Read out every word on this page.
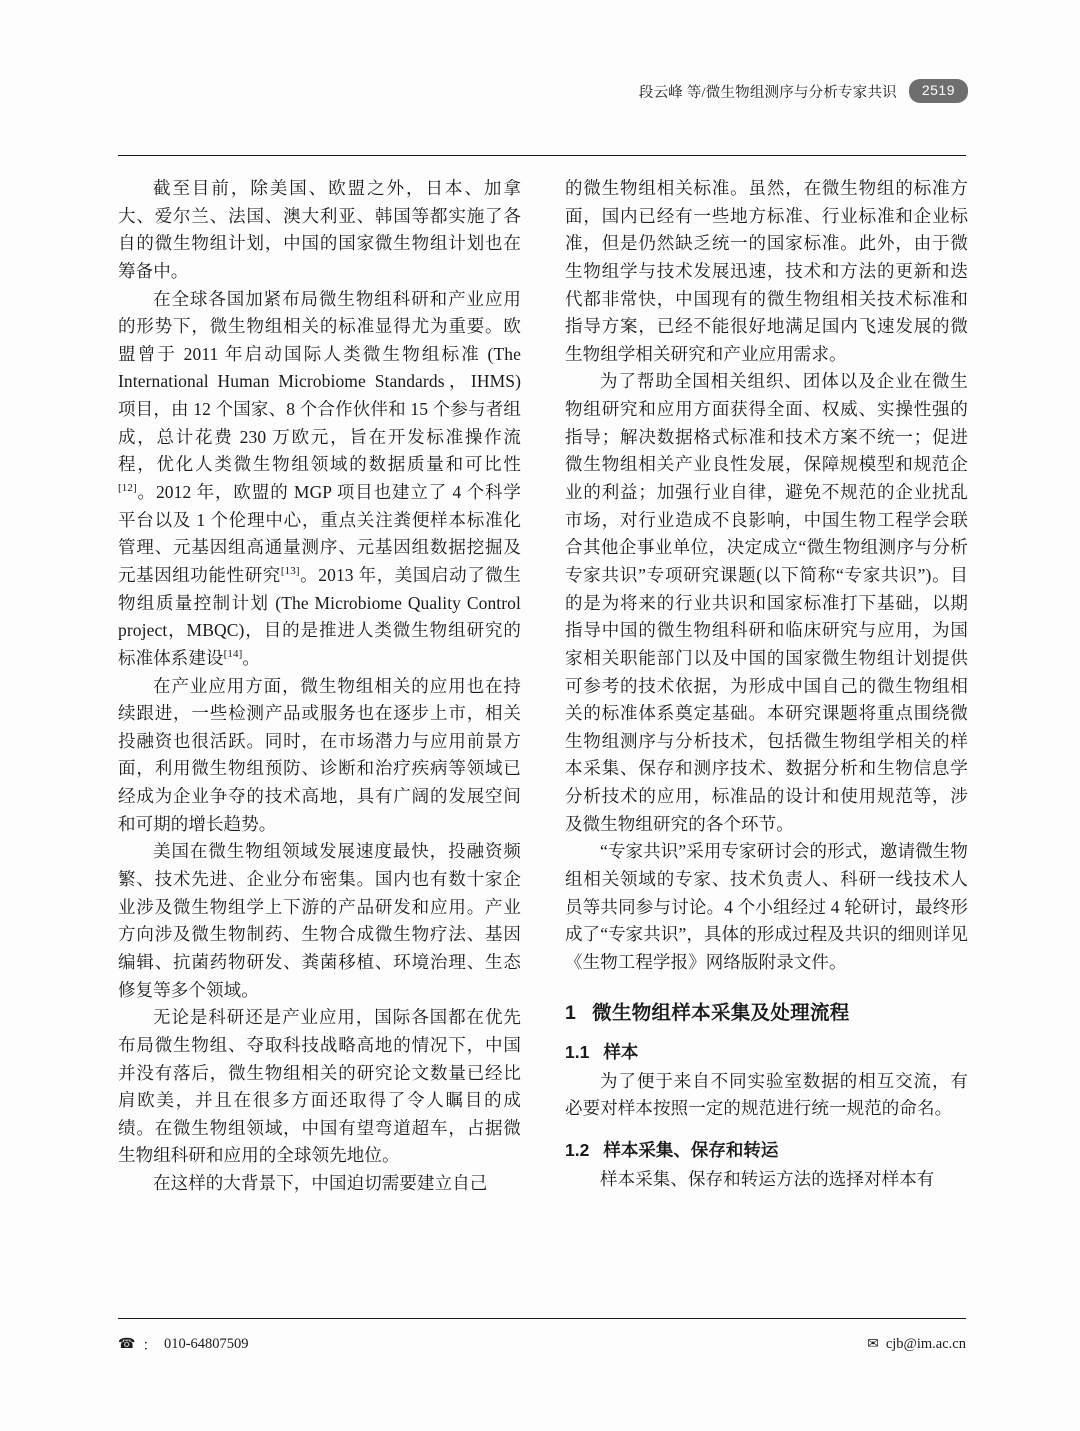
段云峰 等/微生物组测序与分析专家共识	2519

截至目前，除美国、欧盟之外，日本、加拿大、爱尔兰、法国、澳大利亚、韩国等都实施了各自的微生物组计划，中国的国家微生物组计划也在筹备中。

在全球各国加紧布局微生物组科研和产业应用的形势下，微生物组相关的标准显得尤为重要。欧盟曾于 2011 年启动国际人类微生物组标准 (The International Human Microbiome Standards，IHMS) 项目，由 12 个国家、8 个合作伙伴和 15 个参与者组成，总计花费 230 万欧元，旨在开发标准操作流程，优化人类微生物组领域的数据质量和可比性[12]。2012 年，欧盟的 MGP 项目也建立了 4 个科学平台以及 1 个伦理中心，重点关注粪便样本标准化管理、元基因组高通量测序、元基因组数据挖掘及元基因组功能性研究[13]。2013 年，美国启动了微生物组质量控制计划 (The Microbiome Quality Control project，MBQC)，目的是推进人类微生物组研究的标准体系建设[14]。

在产业应用方面，微生物组相关的应用也在持续跟进，一些检测产品或服务也在逐步上市，相关投融资也很活跃。同时，在市场潜力与应用前景方面，利用微生物组预防、诊断和治疗疾病等领域已经成为企业争夺的技术高地，具有广阔的发展空间和可期的增长趋势。

美国在微生物组领域发展速度最快，投融资频繁、技术先进、企业分布密集。国内也有数十家企业涉及微生物组学上下游的产品研发和应用。产业方向涉及微生物制药、生物合成微生物疗法、基因编辑、抗菌药物研发、粪菌移植、环境治理、生态修复等多个领域。

无论是科研还是产业应用，国际各国都在优先布局微生物组、夺取科技战略高地的情况下，中国并没有落后，微生物组相关的研究论文数量已经比肩欧美，并且在很多方面还取得了令人瞩目的成绩。在微生物组领域，中国有望弯道超车，占据微生物组科研和应用的全球领先地位。

在这样的大背景下，中国迫切需要建立自己

的微生物组相关标准。虽然，在微生物组的标准方面，国内已经有一些地方标准、行业标准和企业标准，但是仍然缺乏统一的国家标准。此外，由于微生物组学与技术发展迅速，技术和方法的更新和迭代都非常快，中国现有的微生物组相关技术标准和指导方案，已经不能很好地满足国内飞速发展的微生物组学相关研究和产业应用需求。

为了帮助全国相关组织、团体以及企业在微生物组研究和应用方面获得全面、权威、实操性强的指导；解决数据格式标准和技术方案不统一；促进微生物组相关产业良性发展，保障规模型和规范企业的利益；加强行业自律，避免不规范的企业扰乱市场，对行业造成不良影响，中国生物工程学会联合其他企事业单位，决定成立“微生物组测序与分析专家共识”专项研究课题(以下简称“专家共识”)。目的是为将来的行业共识和国家标准打下基础，以期指导中国的微生物组科研和临床研究与应用，为国家相关职能部门以及中国的国家微生物组计划提供可参考的技术依据，为形成中国自己的微生物组相关的标准体系奠定基础。本研究课题将重点围绕微生物组测序与分析技术，包括微生物组学相关的样本采集、保存和测序技术、数据分析和生物信息学分析技术的应用，标准品的设计和使用规范等，涉及微生物组研究的各个环节。

“专家共识”采用专家研讨会的形式，邀请微生物组相关领域的专家、技术负责人、科研一线技术人员等共同参与讨论。4 个小组经过 4 轮研讨，最终形成了“专家共识”，具体的形成过程及共识的细则详见《生物工程学报》网络版附录文件。

1 微生物组样本采集及处理流程
1.1 样本

为了便于来自不同实验室数据的相互交流，有必要对样本按照一定的规范进行统一规范的命名。

1.2 样本采集、保存和转运

样本采集、保存和转运方法的选择对样本有

☎ ： 010-64807509	✉ cjb@im.ac.cn
